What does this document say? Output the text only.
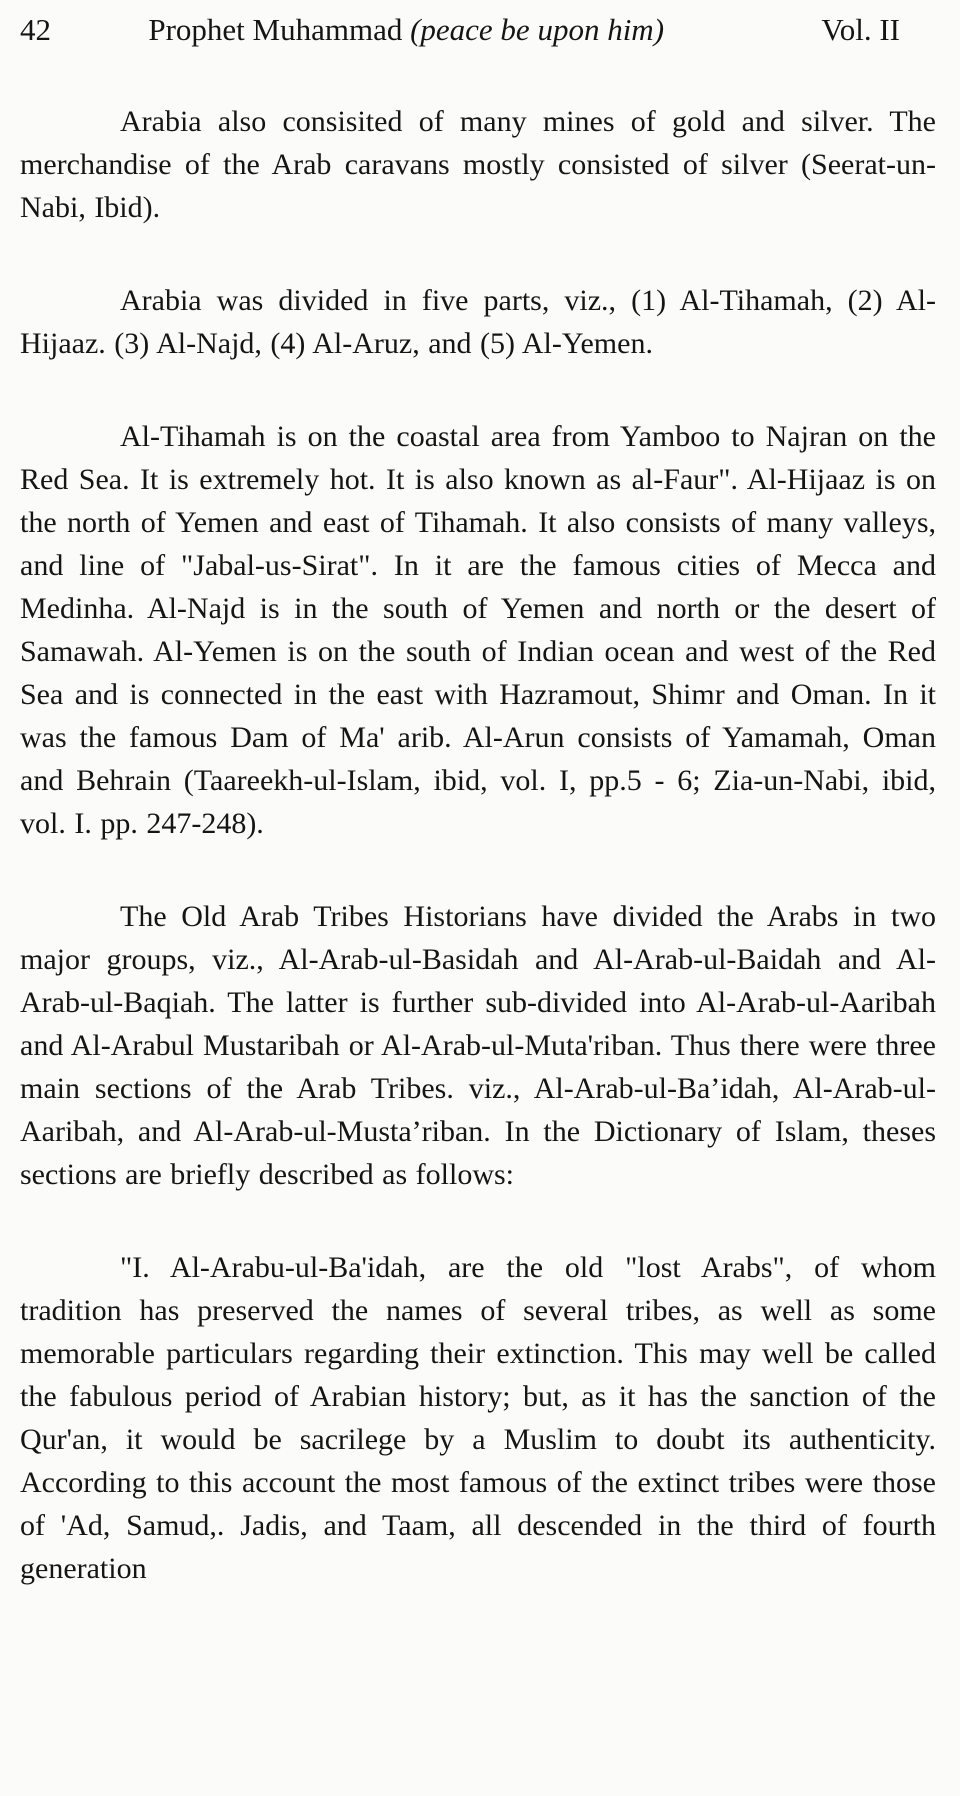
42	Prophet Muhammad (peace be upon him)	Vol. II

Arabia also consisited of many mines of gold and silver. The merchandise of the Arab caravans mostly consisted of silver (Seerat-un-Nabi, Ibid).

Arabia was divided in five parts, viz., (1) Al-Tihamah, (2) Al-Hijaaz. (3) Al-Najd, (4) Al-Aruz, and (5) Al-Yemen.

Al-Tihamah is on the coastal area from Yamboo to Najran on the Red Sea. It is extremely hot. It is also known as al-Faur". Al-Hijaaz is on the north of Yemen and east of Tihamah. It also consists of many valleys, and line of "Jabal-us-Sirat". In it are the famous cities of Mecca and Medinha. Al-Najd is in the south of Yemen and north or the desert of Samawah. Al-Yemen is on the south of Indian ocean and west of the Red Sea and is connected in the east with Hazramout, Shimr and Oman. In it was the famous Dam of Ma' arib. Al-Arun consists of Yamamah, Oman and Behrain (Taareekh-ul-Islam, ibid, vol. I, pp.5 - 6; Zia-un-Nabi, ibid, vol. I. pp. 247-248).

The Old Arab Tribes Historians have divided the Arabs in two major groups, viz., Al-Arab-ul-Basidah and Al-Arab-ul-Baidah and Al-Arab-ul-Baqiah. The latter is further sub-divided into Al-Arab-ul-Aaribah and Al-Arabul Mustaribah or Al-Arab-ul-Muta'riban. Thus there were three main sections of the Arab Tribes. viz., Al-Arab-ul-Ba’idah, Al-Arab-ul-Aaribah, and Al-Arab-ul-Musta’riban. In the Dictionary of Islam, theses sections are briefly described as follows:

"I. Al-Arabu-ul-Ba'idah, are the old "lost Arabs", of whom tradition has preserved the names of several tribes, as well as some memorable particulars regarding their extinction. This may well be called the fabulous period of Arabian history; but, as it has the sanction of the Qur'an, it would be sacrilege by a Muslim to doubt its authenticity. According to this account the most famous of the extinct tribes were those of 'Ad, Samud,. Jadis, and Taam, all descended in the third of fourth generation
